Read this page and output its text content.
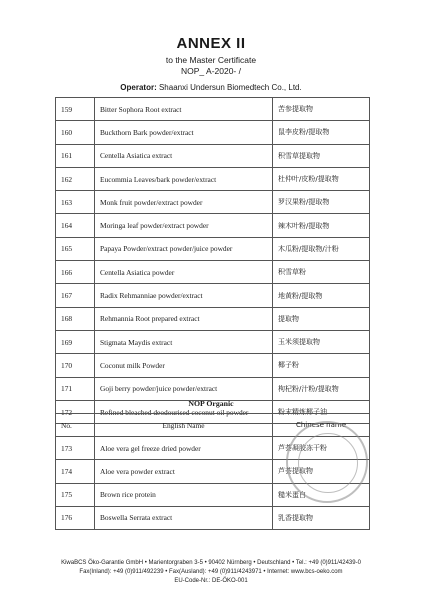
ANNEX II
to the Master Certificate
NOP_ A-2020- /
Operator: Shaanxi Undersun Biomedtech Co., Ltd.
159	Bitter Sophora Root extract	苦参提取物
160	Buckthorn Bark powder/extract	鼠李皮粉/提取物
161	Centella Asiatica extract	积雪草提取物
162	Eucommia Leaves/bark powder/extract	杜仲叶/皮粉/提取物
163	Monk fruit powder/extract powder	罗汉果粉/提取物
164	Moringa leaf powder/extract powder	辣木叶粉/提取物
165	Papaya Powder/extract powder/juice powder	木瓜粉/提取物/汁粉
166	Centella Asiatica powder	积雪草粉
167	Radix Rehmanniae powder/extract	地黄粉/提取物
168	Rehmannia Root prepared extract	提取物
169	Stigmata Maydis extract	玉米须提取物
170	Coconut milk Powder	椰子粉
171	Goji berry powder/juice powder/extract	枸杞粉/汁粉/提取物
172	Refined bleached deodourised coconut oil powder	粉末精炼椰子油
NOP Organic
No.	English Name	Chinese name
173	Aloe vera gel freeze dried powder	芦荟凝胶冻干粉
174	Aloe vera powder extract	芦荟提取物
175	Brown rice protein	糙米蛋白
176	Boswella Serrata extract	乳香提取物
KiwaBCS Öko-Garantie GmbH • Marientorgraben 3-5 • 90402 Nürnberg • Deutschland • Tel.: +49 (0)911/42439-0
Fax(Inland): +49 (0)911/492239 • Fax(Ausland): +49 (0)911/4243971 • Internet: www.bcs-oeko.com
EU-Code-Nr.: DE-ÖKO-001
